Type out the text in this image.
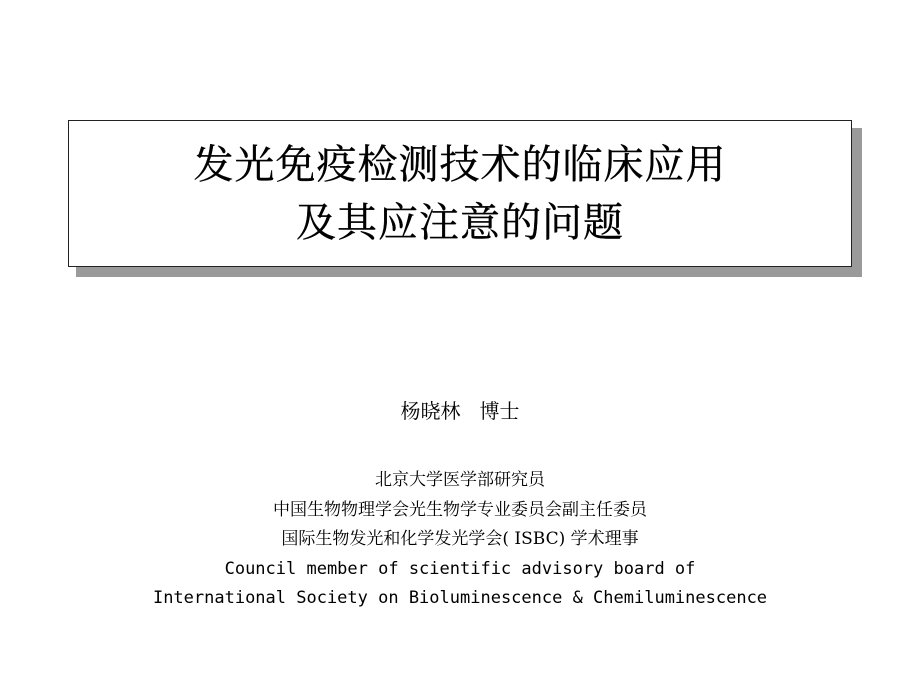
发光免疫检测技术的临床应用
及其应注意的问题
杨晓林   博士
北京大学医学部研究员
中国生物物理学会光生物学专业委员会副主任委员
国际生物发光和化学发光学会( ISBC) 学术理事
Council member of scientific advisory board of
International Society on Bioluminescence & Chemiluminescence
